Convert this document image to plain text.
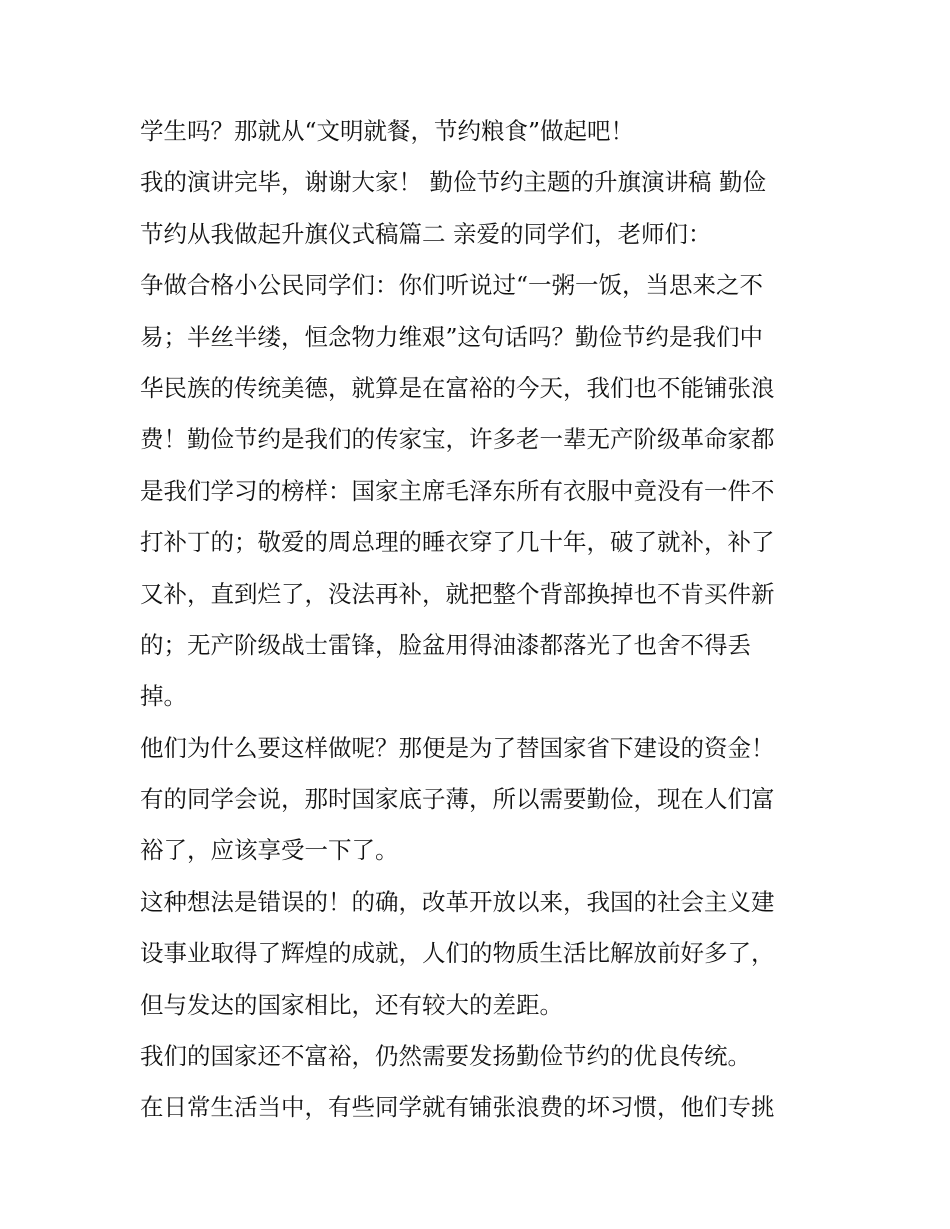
学生吗？那就从“文明就餐，节约粮食”做起吧！
我的演讲完毕，谢谢大家！ 勤俭节约主题的升旗演讲稿 勤俭
节约从我做起升旗仪式稿篇二 亲爱的同学们，老师们：
争做合格小公民同学们：你们听说过“一粥一饭，当思来之不
易；半丝半缕，恒念物力维艰”这句话吗？勤俭节约是我们中
华民族的传统美德，就算是在富裕的今天，我们也不能铺张浪
费！勤俭节约是我们的传家宝，许多老一辈无产阶级革命家都
是我们学习的榜样：国家主席毛泽东所有衣服中竟没有一件不
打补丁的；敬爱的周总理的睡衣穿了几十年，破了就补，补了
又补，直到烂了，没法再补，就把整个背部换掉也不肯买件新
的；无产阶级战士雷锋，脸盆用得油漆都落光了也舍不得丢
掉。
他们为什么要这样做呢？那便是为了替国家省下建设的资金！
有的同学会说，那时国家底子薄，所以需要勤俭，现在人们富
裕了，应该享受一下了。
这种想法是错误的！的确，改革开放以来，我国的社会主义建
设事业取得了辉煌的成就，人们的物质生活比解放前好多了，
但与发达的国家相比，还有较大的差距。
我们的国家还不富裕，仍然需要发扬勤俭节约的优良传统。
在日常生活当中，有些同学就有铺张浪费的坏习惯，他们专挑
